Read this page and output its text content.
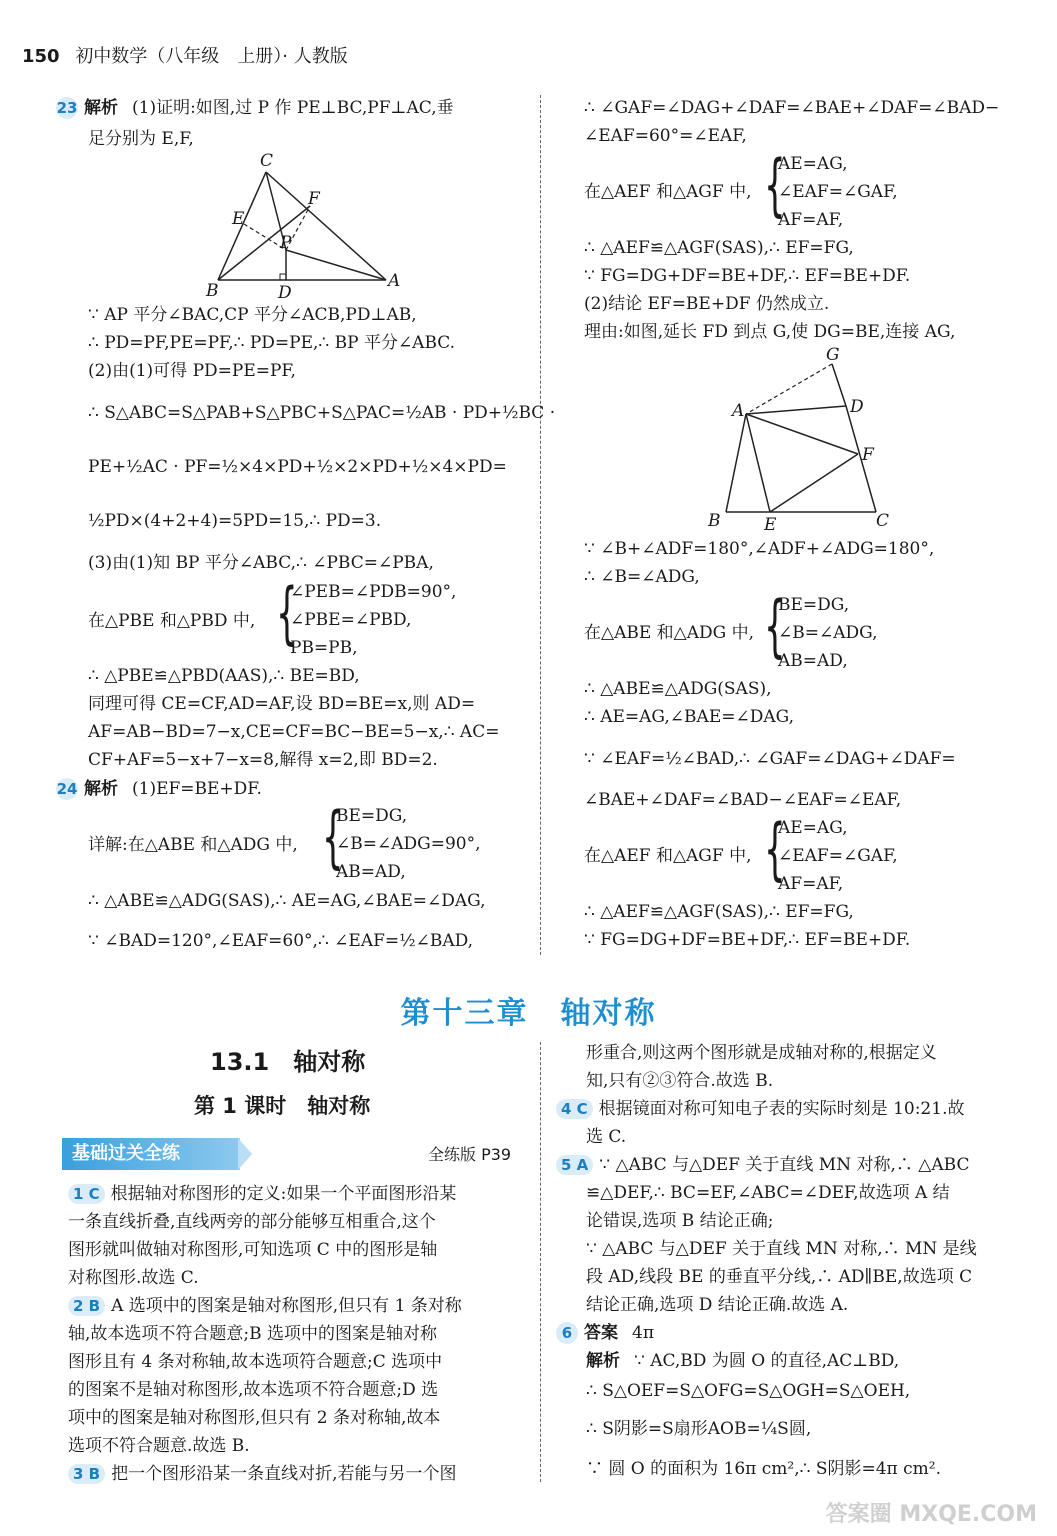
150 初中数学（八年级　上册）· 人教版
23 解析 (1)证明:如图,过 P 作 PE⊥BC,PF⊥AC,垂
足分别为 E,F,
C
E
F
P
B	D
A
∵ AP 平分∠BAC,CP 平分∠ACB,PD⊥AB,
∴ PD=PF,PE=PF,∴ PD=PE,∴ BP 平分∠ABC.
(2)由(1)可得 PD=PE=PF,
∴ S△ABC=S△PAB+S△PBC+S△PAC=½AB · PD+½BC ·
PE+½AC · PF=½×4×PD+½×2×PD+½×4×PD=
½PD×(4+2+4)=5PD=15,∴ PD=3.
(3)由(1)知 BP 平分∠ABC,∴ ∠PBC=∠PBA,
在△PBE 和△PBD 中, {
∠PEB=∠PDB=90°,
∠PBE=∠PBD,
PB=PB,
∴ △PBE≌△PBD(AAS),∴ BE=BD,
同理可得 CE=CF,AD=AF,设 BD=BE=x,则 AD=
AF=AB−BD=7−x,CE=CF=BC−BE=5−x,∴ AC=
CF+AF=5−x+7−x=8,解得 x=2,即 BD=2.
24 解析 (1)EF=BE+DF.
详解:在△ABE 和△ADG 中, {
BE=DG,
∠B=∠ADG=90°,
AB=AD,
∴ △ABE≌△ADG(SAS),∴ AE=AG,∠BAE=∠DAG,
∵ ∠BAD=120°,∠EAF=60°,∴ ∠EAF=½∠BAD,
∴ ∠GAF=∠DAG+∠DAF=∠BAE+∠DAF=∠BAD−
∠EAF=60°=∠EAF,
在△AEF 和△AGF 中, {
AE=AG,
∠EAF=∠GAF,
AF=AF,
∴ △AEF≌△AGF(SAS),∴ EF=FG,
∵ FG=DG+DF=BE+DF,∴ EF=BE+DF.
(2)结论 EF=BE+DF 仍然成立.
理由:如图,延长 FD 到点 G,使 DG=BE,连接 AG,
G
A	D
F
B	E	C
∵ ∠B+∠ADF=180°,∠ADF+∠ADG=180°,
∴ ∠B=∠ADG,
在△ABE 和△ADG 中, {
BE=DG,
∠B=∠ADG,
AB=AD,
∴ △ABE≌△ADG(SAS),
∴ AE=AG,∠BAE=∠DAG,
∵ ∠EAF=½∠BAD,∴ ∠GAF=∠DAG+∠DAF=
∠BAE+∠DAF=∠BAD−∠EAF=∠EAF,
在△AEF 和△AGF 中, {
AE=AG,
∠EAF=∠GAF,
AF=AF,
∴ △AEF≌△AGF(SAS),∴ EF=FG,
∵ FG=DG+DF=BE+DF,∴ EF=BE+DF.
第十三章　轴对称
13.1　轴对称
第 1 课时　轴对称
基础过关全练	全练版 P39
1 C 根据轴对称图形的定义:如果一个平面图形沿某
一条直线折叠,直线两旁的部分能够互相重合,这个
图形就叫做轴对称图形,可知选项 C 中的图形是轴
对称图形.故选 C.
2 B A 选项中的图案是轴对称图形,但只有 1 条对称
轴,故本选项不符合题意;B 选项中的图案是轴对称
图形且有 4 条对称轴,故本选项符合题意;C 选项中
的图案不是轴对称图形,故本选项不符合题意;D 选
项中的图案是轴对称图形,但只有 2 条对称轴,故本
选项不符合题意.故选 B.
3 B 把一个图形沿某一条直线对折,若能与另一个图
形重合,则这两个图形就是成轴对称的,根据定义
知,只有②③符合.故选 B.
4 C 根据镜面对称可知电子表的实际时刻是 10:21.故
选 C.
5 A ∵ △ABC 与△DEF 关于直线 MN 对称,∴ △ABC
≌△DEF,∴ BC=EF,∠ABC=∠DEF,故选项 A 结
论错误,选项 B 结论正确;
∵ △ABC 与△DEF 关于直线 MN 对称,∴ MN 是线
段 AD,线段 BE 的垂直平分线,∴ AD∥BE,故选项 C
结论正确,选项 D 结论正确.故选 A.
6 答案 4π
解析 ∵ AC,BD 为圆 O 的直径,AC⊥BD,
∴ S△OEF=S△OFG=S△OGH=S△OEH,
∴ S阴影=S扇形AOB=¼S圆,
∵ 圆 O 的面积为 16π cm²,∴ S阴影=4π cm².
答案圈 MXQE.COM
